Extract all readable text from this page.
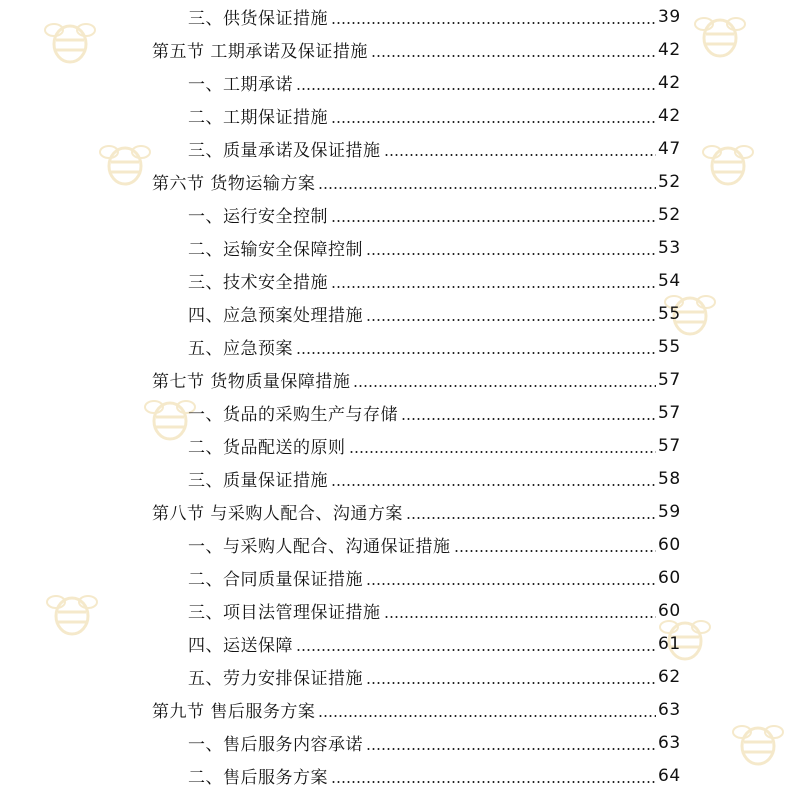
三、供货保证措施	39
第五节 工期承诺及保证措施	42
一、工期承诺	42
二、工期保证措施	42
三、质量承诺及保证措施	47
第六节 货物运输方案	52
一、运行安全控制	52
二、运输安全保障控制	53
三、技术安全措施	54
四、应急预案处理措施	55
五、应急预案	55
第七节 货物质量保障措施	57
一、货品的采购生产与存储	57
二、货品配送的原则	57
三、质量保证措施	58
第八节 与采购人配合、沟通方案	59
一、与采购人配合、沟通保证措施	60
二、合同质量保证措施	60
三、项目法管理保证措施	60
四、运送保障	61
五、劳力安排保证措施	62
第九节 售后服务方案	63
一、售后服务内容承诺	63
二、售后服务方案	64
